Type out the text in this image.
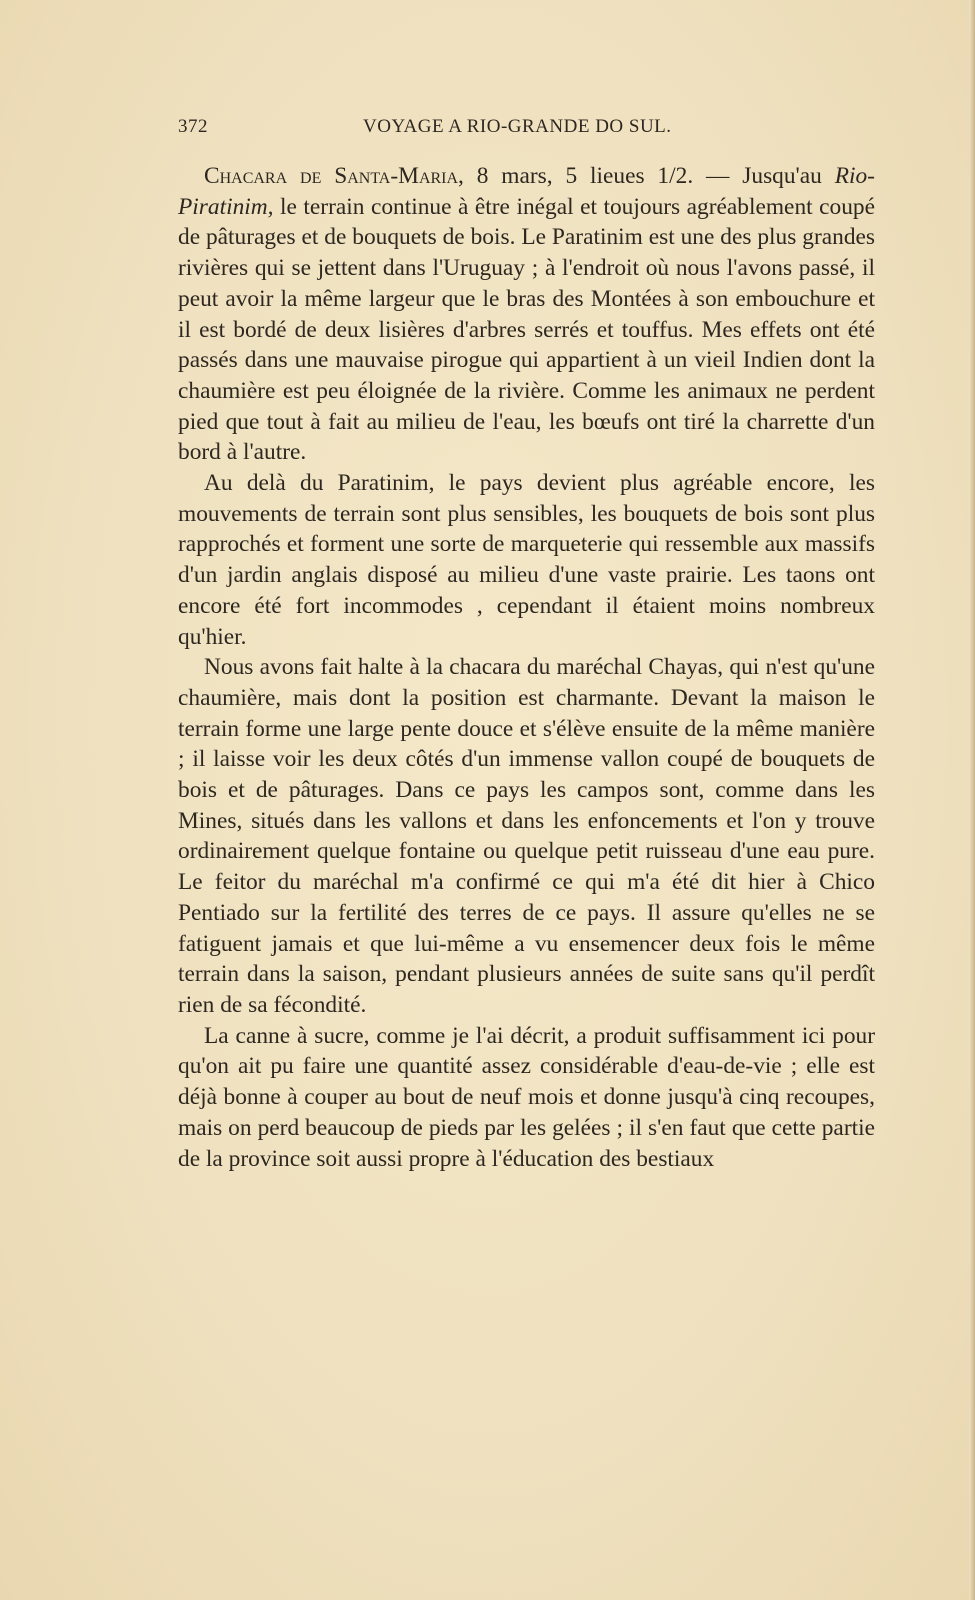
372	VOYAGE A RIO-GRANDE DO SUL.

Chacara de Santa-Maria, 8 mars, 5 lieues 1/2. — Jusqu'au Rio-Piratinim, le terrain continue à être inégal et toujours agréablement coupé de pâturages et de bouquets de bois. Le Paratinim est une des plus grandes rivières qui se jettent dans l'Uruguay ; à l'endroit où nous l'avons passé, il peut avoir la même largeur que le bras des Montées à son embouchure et il est bordé de deux lisières d'arbres serrés et touffus. Mes effets ont été passés dans une mauvaise pirogue qui appartient à un vieil Indien dont la chaumière est peu éloignée de la rivière. Comme les animaux ne perdent pied que tout à fait au milieu de l'eau, les bœufs ont tiré la charrette d'un bord à l'autre.

Au delà du Paratinim, le pays devient plus agréable encore, les mouvements de terrain sont plus sensibles, les bouquets de bois sont plus rapprochés et forment une sorte de marqueterie qui ressemble aux massifs d'un jardin anglais disposé au milieu d'une vaste prairie. Les taons ont encore été fort incommodes , cependant il étaient moins nombreux qu'hier.

Nous avons fait halte à la chacara du maréchal Chayas, qui n'est qu'une chaumière, mais dont la position est charmante. Devant la maison le terrain forme une large pente douce et s'élève ensuite de la même manière ; il laisse voir les deux côtés d'un immense vallon coupé de bouquets de bois et de pâturages. Dans ce pays les campos sont, comme dans les Mines, situés dans les vallons et dans les enfoncements et l'on y trouve ordinairement quelque fontaine ou quelque petit ruisseau d'une eau pure. Le feitor du maréchal m'a confirmé ce qui m'a été dit hier à Chico Pentiado sur la fertilité des terres de ce pays. Il assure qu'elles ne se fatiguent jamais et que lui-même a vu ensemencer deux fois le même terrain dans la saison, pendant plusieurs années de suite sans qu'il perdît rien de sa fécondité.

La canne à sucre, comme je l'ai décrit, a produit suffisamment ici pour qu'on ait pu faire une quantité assez considérable d'eau-de-vie ; elle est déjà bonne à couper au bout de neuf mois et donne jusqu'à cinq recoupes, mais on perd beaucoup de pieds par les gelées ; il s'en faut que cette partie de la province soit aussi propre à l'éducation des bestiaux
